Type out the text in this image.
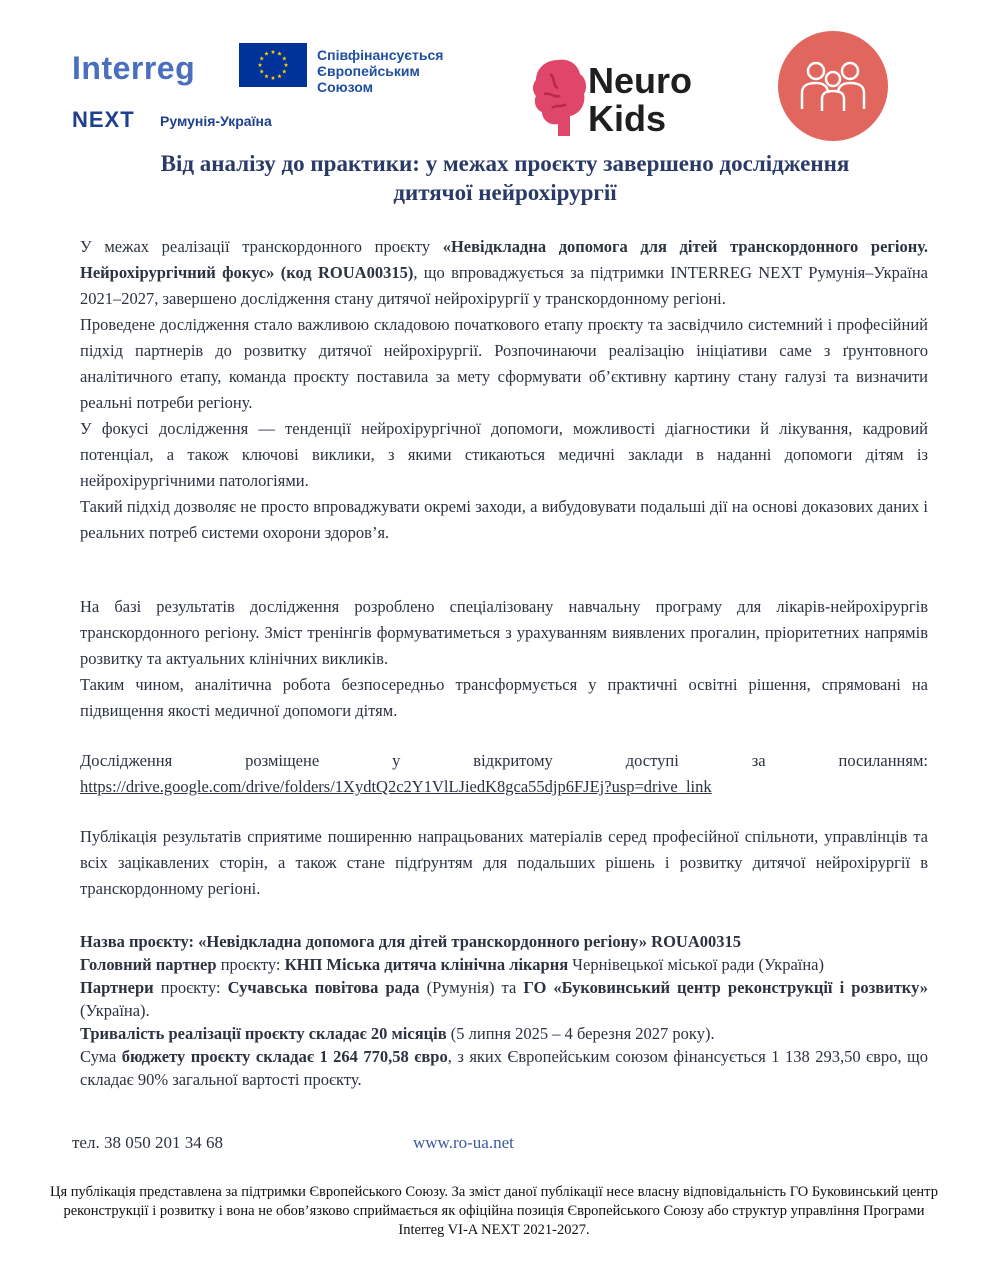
Interreg	Співфінансується
Європейським
Союзом
NEXT Румунія-Україна
Neuro
Kids
Від аналізу до практики: у межах проєкту завершено дослідження
дитячої нейрохірургії

У межах реалізації транскордонного проєкту «Невідкладна допомога для дітей транскордонного регіону. Нейрохірургічний фокус» (код ROUA00315), що впроваджується за підтримки INTERREG NEXT Румунія–Україна 2021–2027, завершено дослідження стану дитячої нейрохірургії у транскордонному регіоні.

Проведене дослідження стало важливою складовою початкового етапу проєкту та засвідчило системний і професійний підхід партнерів до розвитку дитячої нейрохірургії. Розпочинаючи реалізацію ініціативи саме з ґрунтовного аналітичного етапу, команда проєкту поставила за мету сформувати об’єктивну картину стану галузі та визначити реальні потреби регіону.

У фокусі дослідження — тенденції нейрохірургічної допомоги, можливості діагностики й лікування, кадровий потенціал, а також ключові виклики, з якими стикаються медичні заклади в наданні допомоги дітям із нейрохірургічними патологіями.

Такий підхід дозволяє не просто впроваджувати окремі заходи, а вибудовувати подальші дії на основі доказових даних і реальних потреб системи охорони здоров’я.

На базі результатів дослідження розроблено спеціалізовану навчальну програму для лікарів-нейрохірургів транскордонного регіону. Зміст тренінгів формуватиметься з урахуванням виявлених прогалин, пріоритетних напрямів розвитку та актуальних клінічних викликів.

Таким чином, аналітична робота безпосередньо трансформується у практичні освітні рішення, спрямовані на підвищення якості медичної допомоги дітям.

Дослідження розміщене у відкритому доступі за посиланням:

https://drive.google.com/drive/folders/1XydtQ2c2Y1VlLJiedK8gca55djp6FJEj?usp=drive_link

Публікація результатів сприятиме поширенню напрацьованих матеріалів серед професійної спільноти, управлінців та всіх зацікавлених сторін, а також стане підґрунтям для подальших рішень і розвитку дитячої нейрохірургії в транскордонному регіоні.

Назва проєкту: «Невідкладна допомога для дітей транскордонного регіону» ROUA00315

Головний партнер проєкту: КНП Міська дитяча клінічна лікарня Чернівецької міської ради (Україна)

Партнери проєкту: Сучавська повітова рада (Румунія) та ГО «Буковинський центр реконструкції і розвитку» (Україна).

Тривалість реалізації проєкту складає 20 місяців (5 липня 2025 – 4 березня 2027 року).

Сума бюджету проєкту складає 1 264 770,58 євро, з яких Європейським союзом фінансується 1 138 293,50 євро, що складає 90% загальної вартості проєкту.

тел. 38 050 201 34 68	www.ro-ua.net
Ця публікація представлена за підтримки Європейського Союзу. За зміст даної публікації несе власну відповідальність ГО Буковинський центр реконструкції і розвитку і вона не обов’язково сприймається як офіційна позиція Європейського Союзу або структур управління Програми Interreg VI-A NEXT 2021-2027.
